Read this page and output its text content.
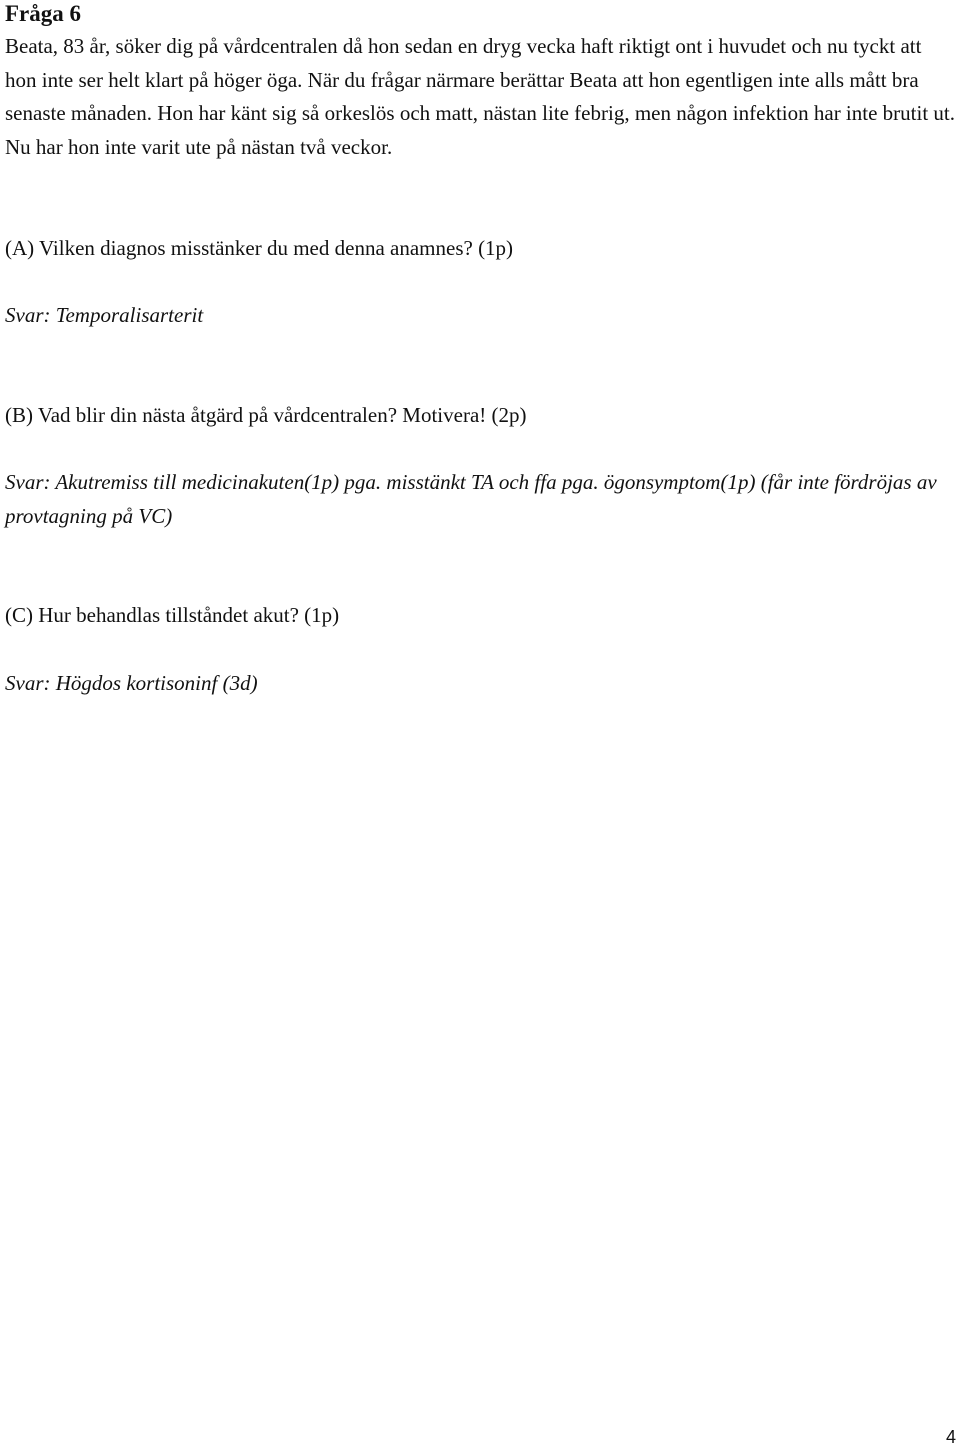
Fråga 6

Beata, 83 år, söker dig på vårdcentralen då hon sedan en dryg vecka haft riktigt ont i huvudet och nu tyckt att hon inte ser helt klart på höger öga. När du frågar närmare berättar Beata att hon egentligen inte alls mått bra senaste månaden. Hon har känt sig så orkeslös och matt, nästan lite febrig, men någon infektion har inte brutit ut. Nu har hon inte varit ute på nästan två veckor.

(A) Vilken diagnos misstänker du med denna anamnes? (1p)

Svar: Temporalisarterit

(B) Vad blir din nästa åtgärd på vårdcentralen? Motivera! (2p)

Svar: Akutremiss till medicinakuten(1p) pga. misstänkt TA och ffa pga. ögonsymptom(1p) (får inte fördröjas av provtagning på VC)

(C) Hur behandlas tillståndet akut? (1p)

Svar: Högdos kortisoninf (3d)

4
